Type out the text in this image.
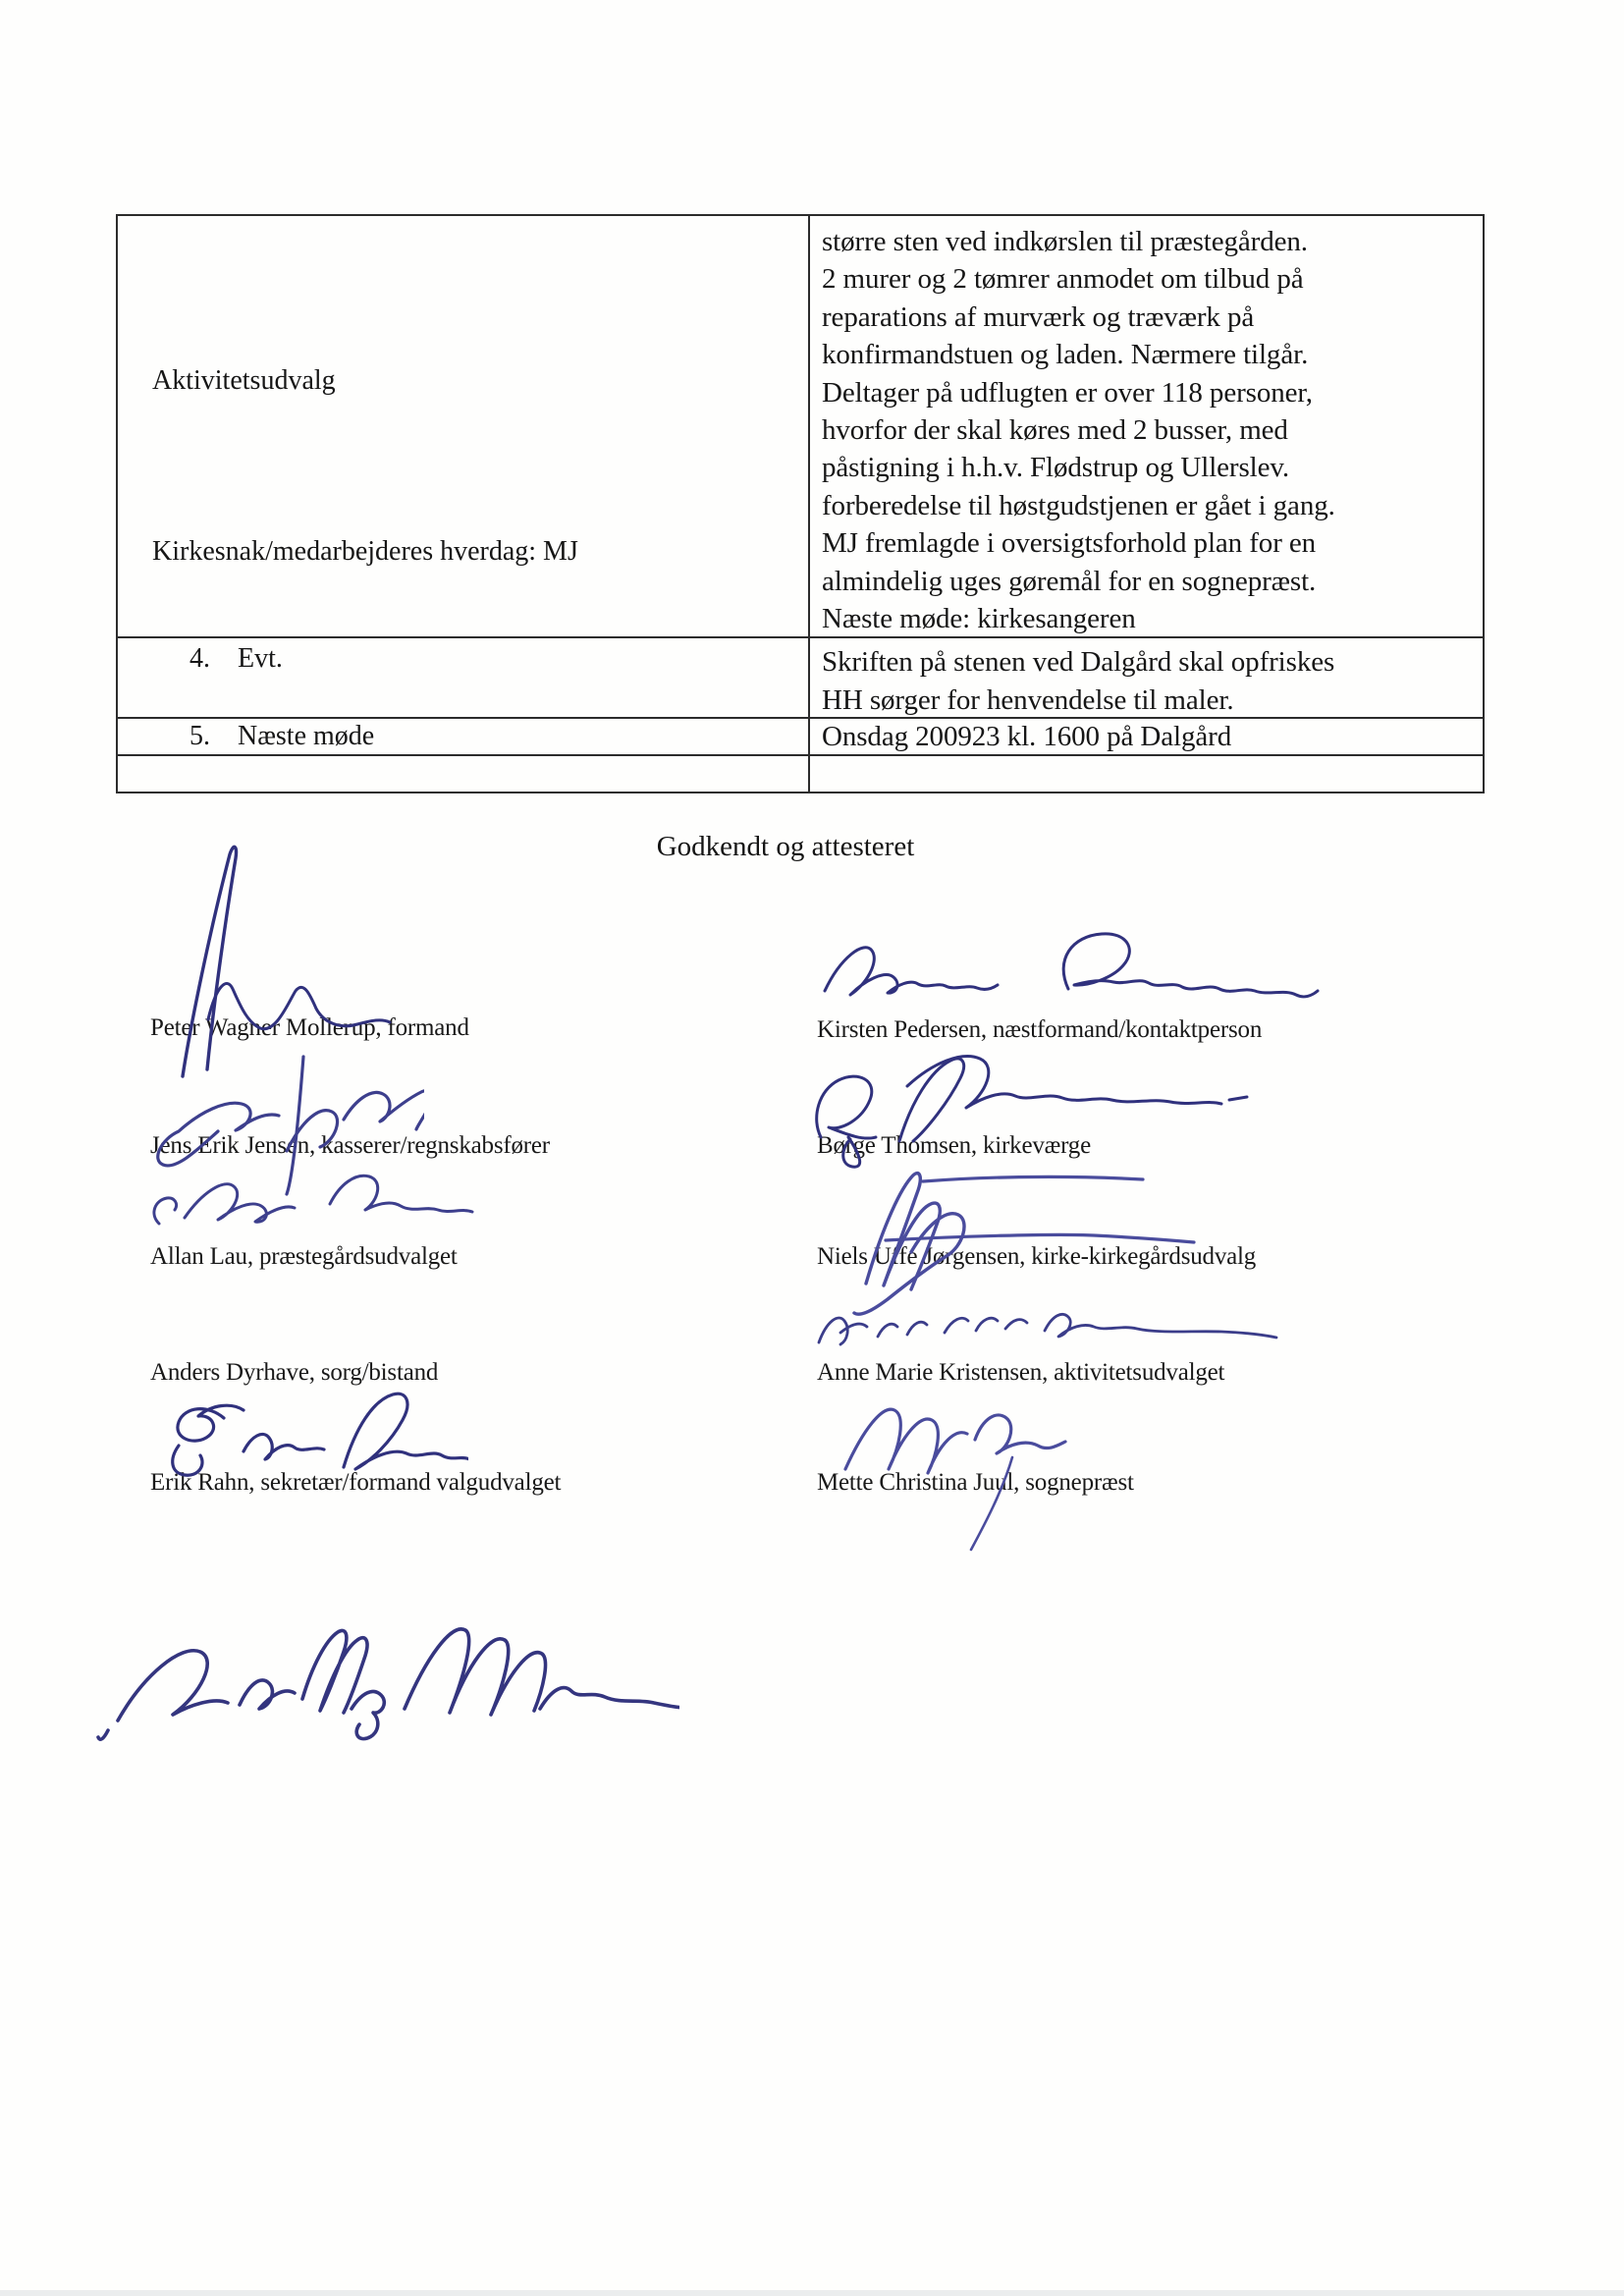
Aktivitetsudvalg
Kirkesnak/medarbejderes hverdag: MJ
større sten ved indkørslen til præstegården.
2 murer og 2 tømrer anmodet om tilbud på
reparations af murværk og træværk på
konfirmandstuen og laden. Nærmere tilgår.
Deltager på udflugten er over 118 personer,
hvorfor der skal køres med 2 busser, med
påstigning i h.h.v. Flødstrup og Ullerslev.
forberedelse til høstgudstjenen er gået i gang.
MJ fremlagde i oversigtsforhold plan for en
almindelig uges gøremål for en sognepræst.
Næste møde: kirkesangeren
4. Evt.	Skriften på stenen ved Dalgård skal opfriskes
HH sørger for henvendelse til maler.
5. Næste møde	Onsdag 200923 kl. 1600 på Dalgård
Godkendt og attesteret
Peter Wagner Mollerup, formand
Jens Erik Jensen, kasserer/regnskabsfører
Allan Lau, præstegårdsudvalget
Anders Dyrhave, sorg/bistand
Erik Rahn, sekretær/formand valgudvalget
Kirsten Pedersen, næstformand/kontaktperson
Børge Thomsen, kirkeværge
Niels Uffe Jørgensen, kirke-kirkegårdsudvalg
Anne Marie Kristensen, aktivitetsudvalget
Mette Christina Juul, sognepræst
